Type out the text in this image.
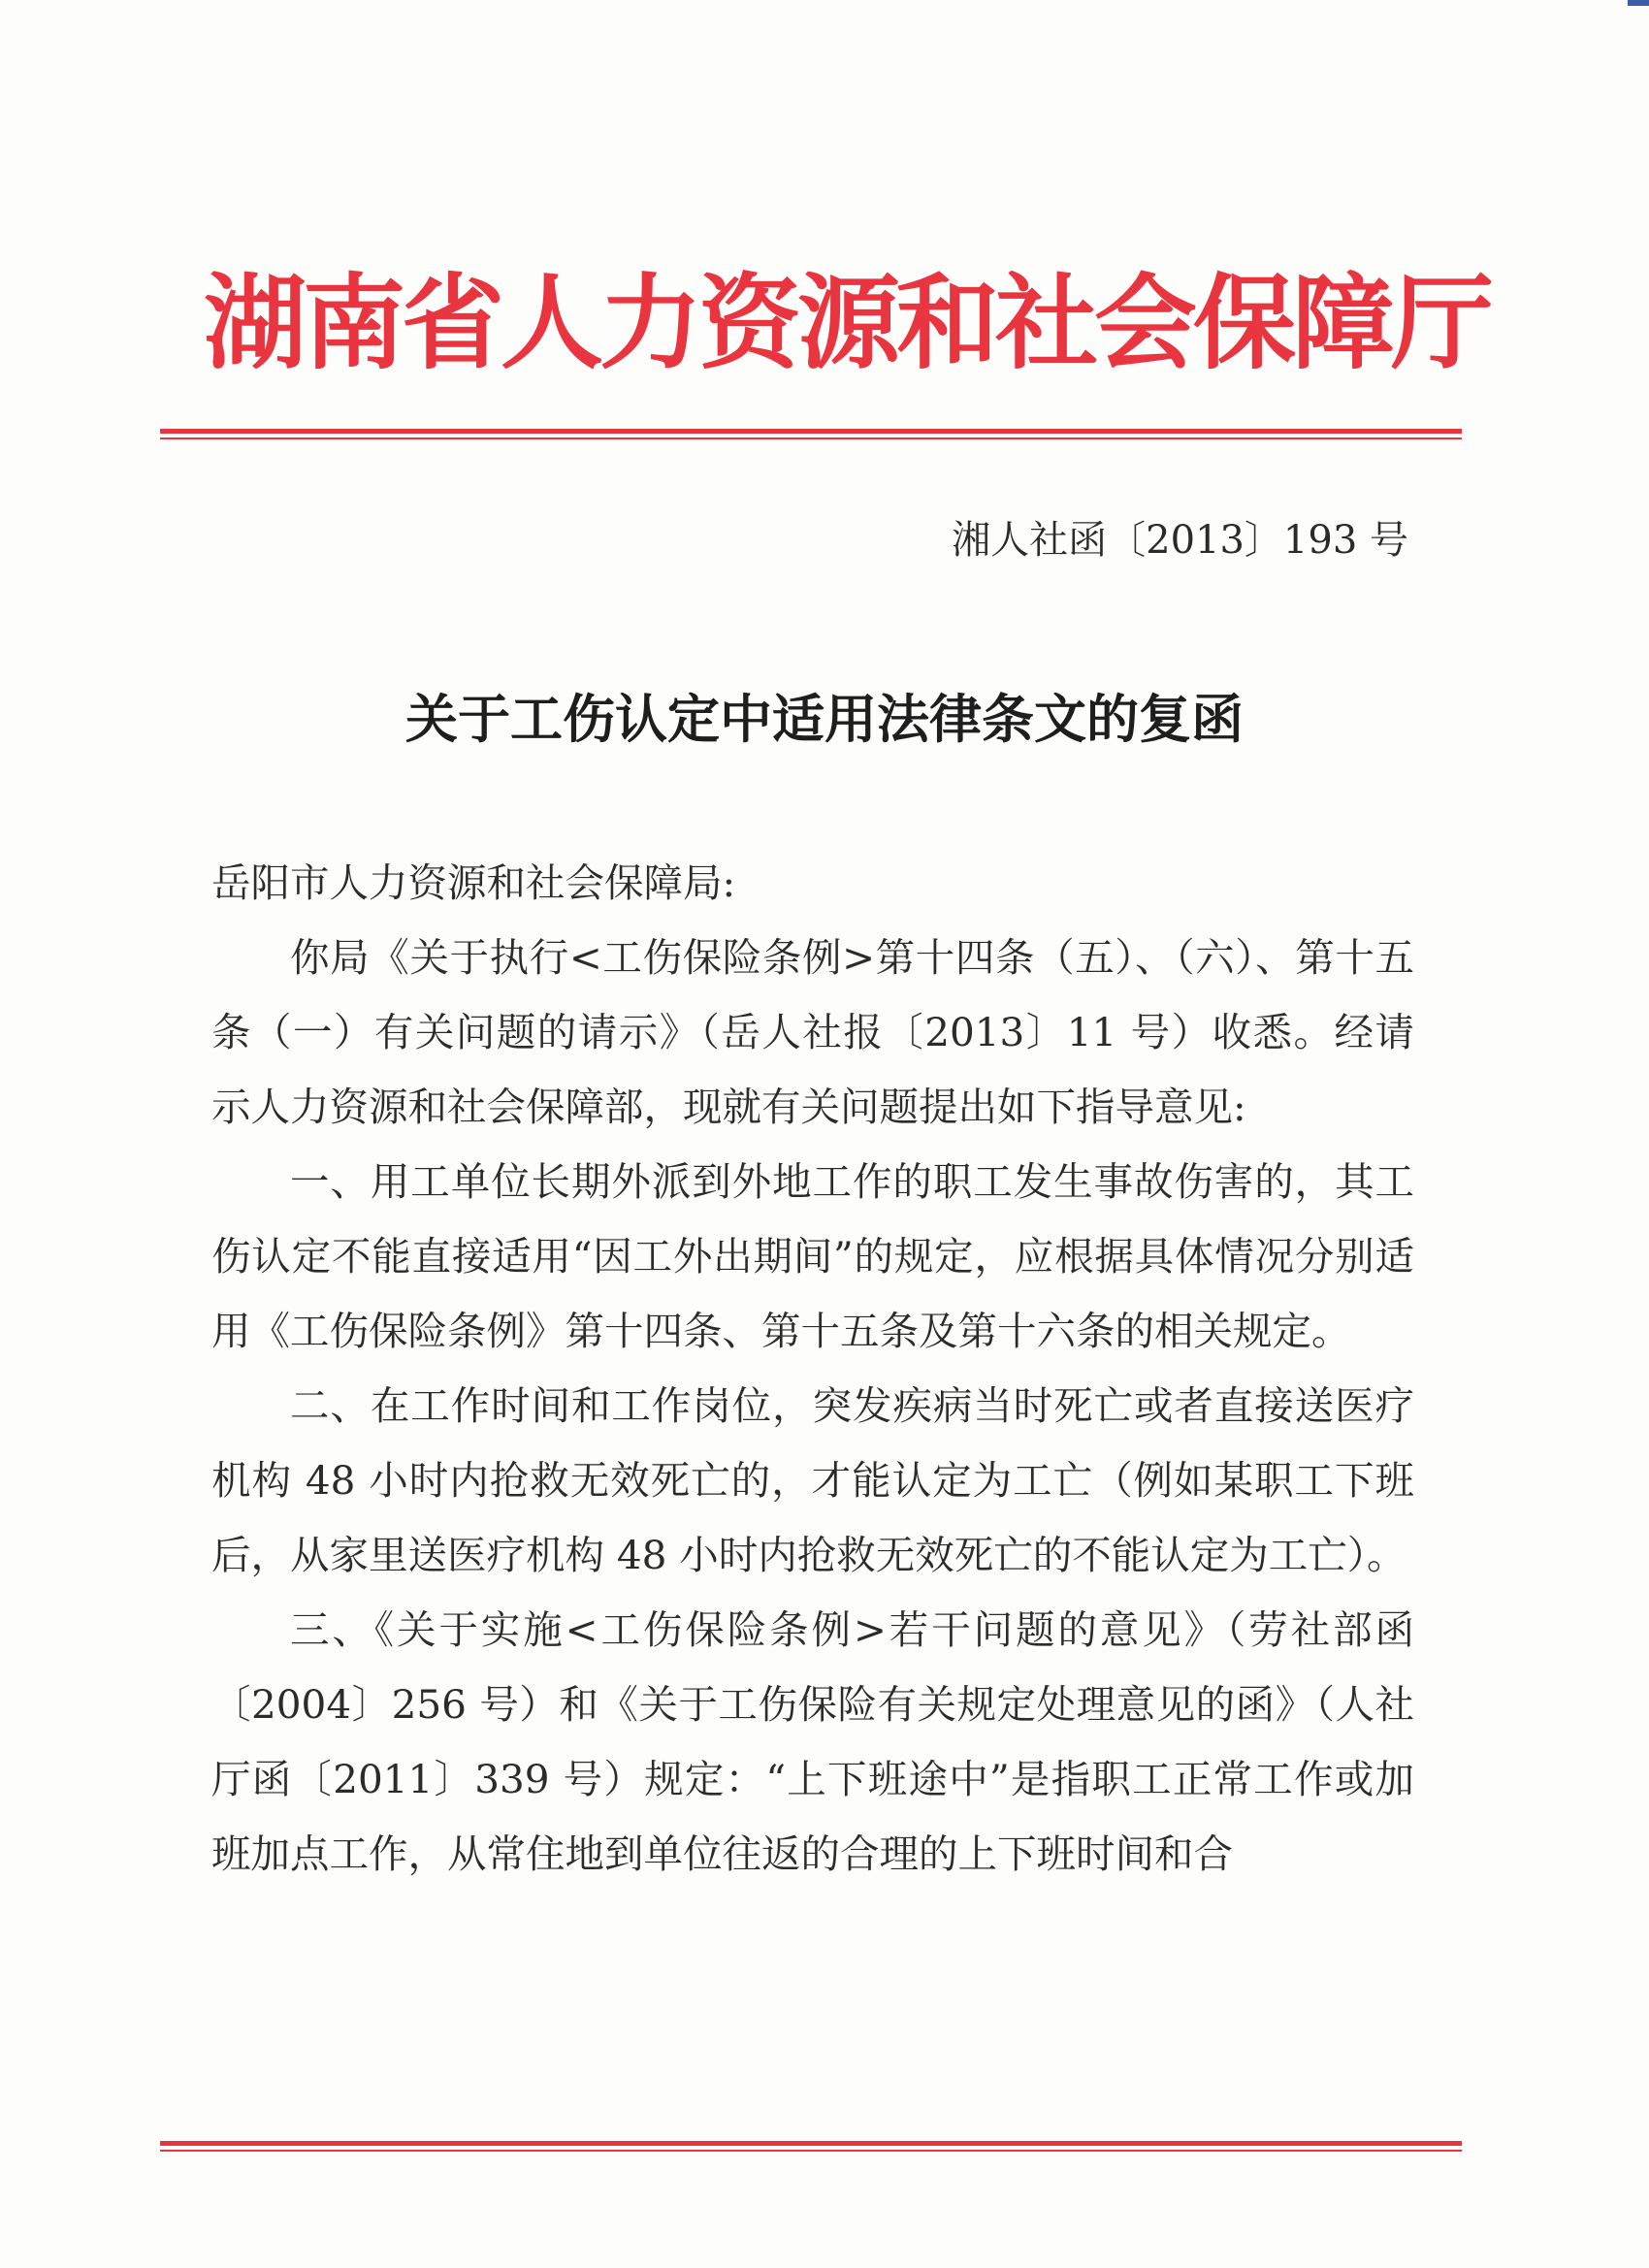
湖南省人力资源和社会保障厅
湘人社函〔2013〕193 号
关于工伤认定中适用法律条文的复函

岳阳市人力资源和社会保障局:

你局《关于执行<工伤保险条例>第十四条（五）、（六）、第十五条（一）有关问题的请示》（岳人社报〔2013〕11 号）收悉。经请示人力资源和社会保障部，现就有关问题提出如下指导意见:

一、用工单位长期外派到外地工作的职工发生事故伤害的，其工伤认定不能直接适用“因工外出期间”的规定，应根据具体情况分别适用《工伤保险条例》第十四条、第十五条及第十六条的相关规定。

二、在工作时间和工作岗位，突发疾病当时死亡或者直接送医疗机构 48 小时内抢救无效死亡的，才能认定为工亡（例如某职工下班后，从家里送医疗机构 48 小时内抢救无效死亡的不能认定为工亡）。

三、《关于实施<工伤保险条例>若干问题的意见》（劳社部函〔2004〕256 号）和《关于工伤保险有关规定处理意见的函》（人社厅函〔2011〕339 号）规定：“上下班途中”是指职工正常工作或加班加点工作，从常住地到单位往返的合理的上下班时间和合
